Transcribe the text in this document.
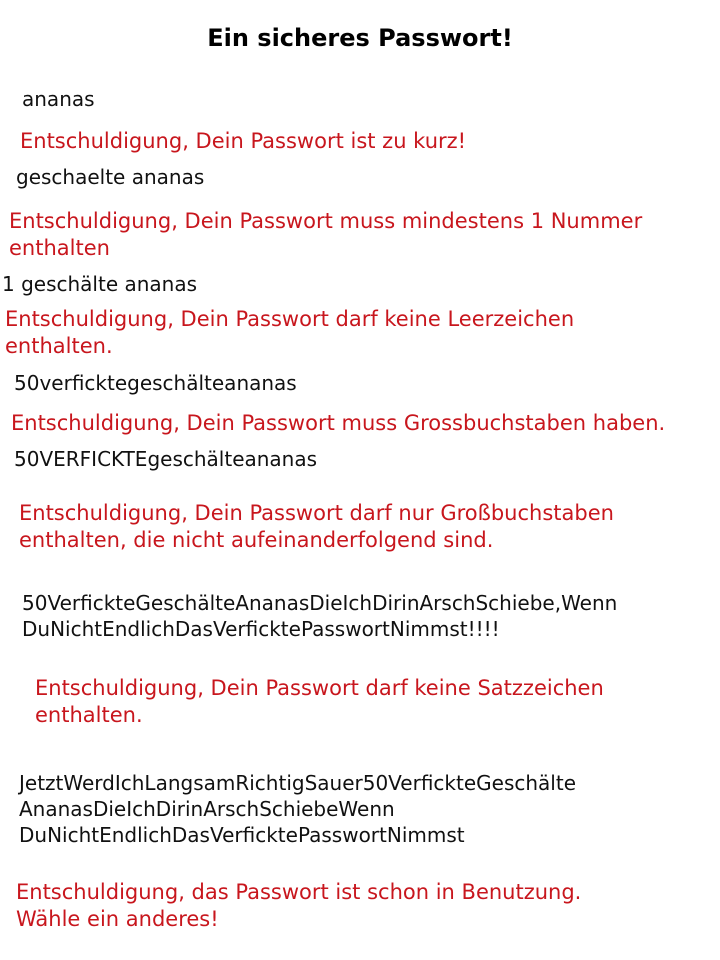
Ein sicheres Passwort!

ananas

Entschuldigung, Dein Passwort ist zu kurz!

geschaelte ananas

Entschuldigung, Dein Passwort muss mindestens 1 Nummer
enthalten

1 geschälte ananas

Entschuldigung, Dein Passwort darf keine Leerzeichen
enthalten.

50verficktegeschälteananas

Entschuldigung, Dein Passwort muss Grossbuchstaben haben.

50VERFICKTEgeschälteananas

Entschuldigung, Dein Passwort darf nur Großbuchstaben
enthalten, die nicht aufeinanderfolgend sind.

50VerfickteGeschälteAnanasDieIchDirinArschSchiebe,Wenn
DuNichtEndlichDasVerficktePasswortNimmst!!!!

Entschuldigung, Dein Passwort darf keine Satzzeichen
enthalten.

JetztWerdIchLangsamRichtigSauer50VerfickteGeschälte
AnanasDieIchDirinArschSchiebeWenn
DuNichtEndlichDasVerficktePasswortNimmst

Entschuldigung, das Passwort ist schon in Benutzung.
Wähle ein anderes!
